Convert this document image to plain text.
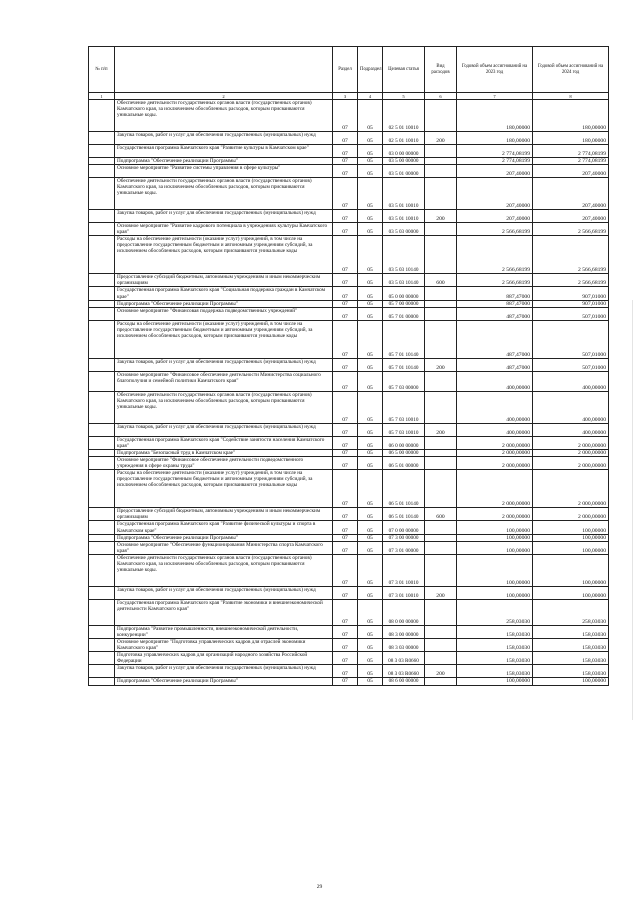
№ п/п		Раздел	Подраздел	Целевая статья	Вид расходов	Годовой объем ассигнований на 2023 год	Годовой объем ассигнований на 2024 год
1	2	3	4	5	6	7	8
	Обеспечение деятельности государственных органов власти (государственных органов) Камчатского края, за исключением обособленных расходов, которым присваиваются уникальные коды.	07	05	02 5 01 10010		180,00000	180,00000
	Закупка товаров, работ и услуг для обеспечения государственных (муниципальных) нужд	07	05	02 5 01 10010	200	180,00000	180,00000
	Государственная программа Камчатского края "Развитие культуры в Камчатском крае"	07	05	03 0 00 00000		2 774,08199	2 774,08199
	Подпрограмма "Обеспечение реализации Программы"	07	05	03 5 00 00000		2 774,08199	2 774,08199
	Основное мероприятие "Развитие системы управления в сфере культуры"	07	05	03 5 01 00000		207,40000	207,40000
	Обеспечение деятельности государственных органов власти (государственных органов) Камчатского края, за исключением обособленных расходов, которым присваиваются уникальные коды.	07	05	03 5 01 10010		207,40000	207,40000
	Закупка товаров, работ и услуг для обеспечения государственных (муниципальных) нужд	07	05	03 5 01 10010	200	207,40000	207,40000
	Основное мероприятие "Развитие кадрового потенциала в учреждениях культуры Камчатского края"	07	05	03 5 03 00000		2 566,68199	2 566,68199
	Расходы на обеспечение деятельности (оказание услуг) учреждений, в том числе на предоставление государственным бюджетным и автономным учреждениям субсидий, за исключением обособленных расходов, которым присваиваются уникальные коды	07	05	03 5 03 10140		2 566,68199	2 566,68199
	Предоставление субсидий бюджетным, автономным учреждениям и иным некоммерческим организациям	07	05	03 5 03 10140	600	2 566,68199	2 566,68199
	Государственная программа Камчатского края "Социальная поддержка граждан в Камчатском крае"	07	05	05 0 00 00000		887,47000	907,01000
	Подпрограмма "Обеспечение реализации Программы"	07	05	05 7 00 00000		887,47000	907,01000
	Основное мероприятие "Финансовая поддержка подведомственных учреждений"	07	05	05 7 01 00000		487,47000	507,01000
	Расходы на обеспечение деятельности (оказание услуг) учреждений, в том числе на предоставление государственным бюджетным и автономным учреждениям субсидий, за исключением обособленных расходов, которым присваиваются уникальные коды	07	05	05 7 01 10140		487,47000	507,01000
	Закупка товаров, работ и услуг для обеспечения государственных (муниципальных) нужд	07	05	05 7 01 10140	200	487,47000	507,01000
	Основное мероприятие "Финансовое обеспечение деятельности Министерства социального благополучия и семейной политики Камчатского края"	07	05	05 7 03 00000		400,00000	400,00000
	Обеспечение деятельности государственных органов власти (государственных органов) Камчатского края, за исключением обособленных расходов, которым присваиваются уникальные коды.	07	05	05 7 03 10010		400,00000	400,00000
	Закупка товаров, работ и услуг для обеспечения государственных (муниципальных) нужд	07	05	05 7 03 10010	200	400,00000	400,00000
	Государственная программа Камчатского края "Содействие занятости населения Камчатского края"	07	05	06 0 00 00000		2 000,00000	2 000,00000
	Подпрограмма "Безопасный труд в Камчатском крае"	07	05	06 5 00 00000		2 000,00000	2 000,00000
	Основное мероприятие "Финансовое обеспечение деятельности подведомственного учреждения в сфере охраны труда"	07	05	06 5 01 00000		2 000,00000	2 000,00000
	Расходы на обеспечение деятельности (оказание услуг) учреждений, в том числе на предоставление государственным бюджетным и автономным учреждениям субсидий, за исключением обособленных расходов, которым присваиваются уникальные коды	07	05	06 5 01 10140		2 000,00000	2 000,00000
	Предоставление субсидий бюджетным, автономным учреждениям и иным некоммерческим организациям	07	05	06 5 01 10140	600	2 000,00000	2 000,00000
	Государственная программа Камчатского края "Развитие физической культуры и спорта в Камчатском крае"	07	05	07 0 00 00000		100,00000	100,00000
	Подпрограмма "Обеспечение реализации Программы"	07	05	07 3 00 00000		100,00000	100,00000
	Основное мероприятие "Обеспечение функционирования Министерства спорта Камчатского края"	07	05	07 3 01 00000		100,00000	100,00000
	Обеспечение деятельности государственных органов власти (государственных органов) Камчатского края, за исключением обособленных расходов, которым присваиваются уникальные коды.	07	05	07 3 01 10010		100,00000	100,00000
	Закупка товаров, работ и услуг для обеспечения государственных (муниципальных) нужд	07	05	07 3 01 10010	200	100,00000	100,00000
	Государственная программа Камчатского края "Развитие экономики и внешнеэкономической деятельности Камчатского края"	07	05	08 0 00 00000		258,03030	258,03030
	Подпрограмма "Развитие промышленности, внешнеэкономической деятельности, конкуренции"	07	05	08 3 00 00000		158,03030	158,03030
	Основное мероприятие "Подготовка управленческих кадров для отраслей экономики Камчатского края"	07	05	08 3 03 00000		158,03030	158,03030
	Подготовка управленческих кадров для организаций народного хозяйства Российской Федерации	07	05	08 3 03 R0660		158,03030	158,03030
	Закупка товаров, работ и услуг для обеспечения государственных (муниципальных) нужд	07	05	08 3 03 R0660	200	158,03030	158,03030
	Подпрограмма "Обеспечение реализации Программы"	07	05	08 6 00 00000		100,00000	100,00000
29
